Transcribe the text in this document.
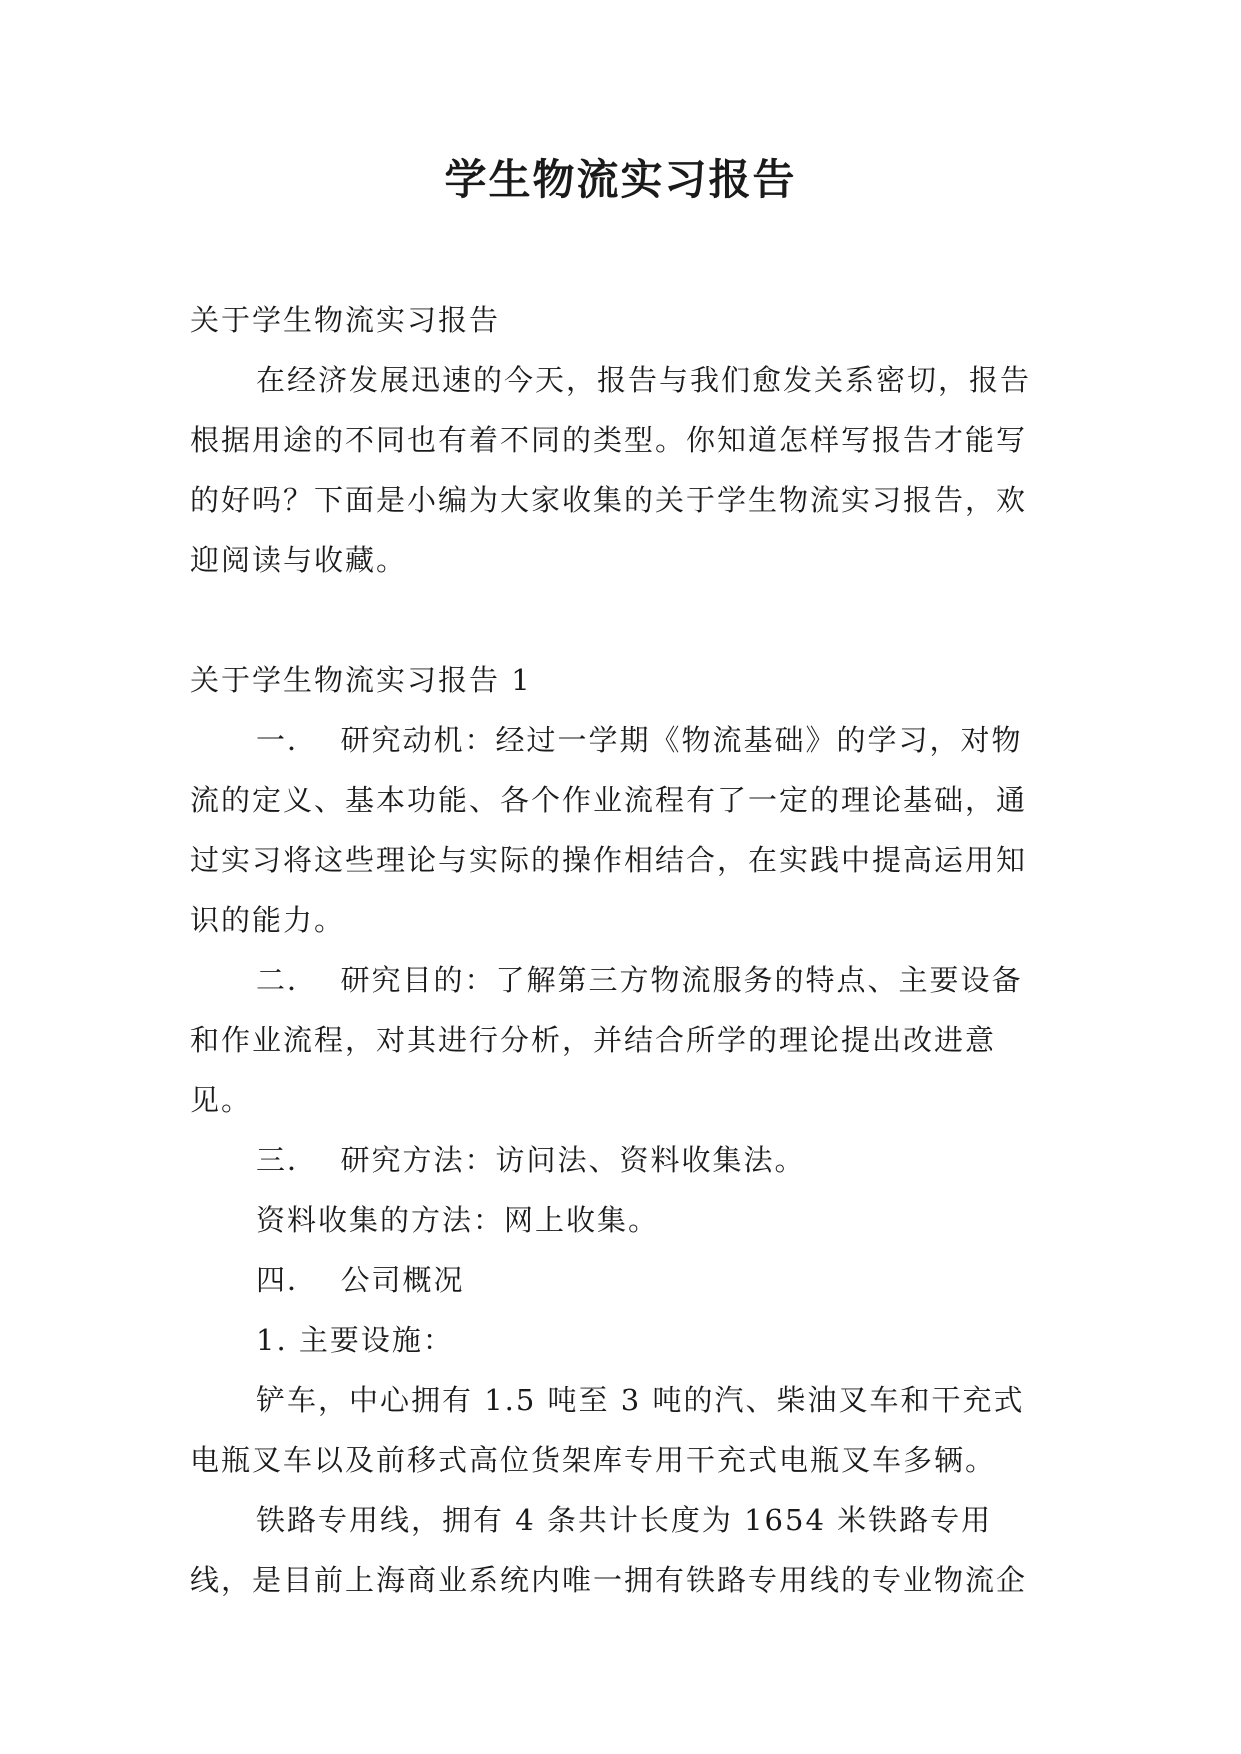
学生物流实习报告

关于学生物流实习报告

在经济发展迅速的今天，报告与我们愈发关系密切，报告根据用途的不同也有着不同的类型。你知道怎样写报告才能写的好吗？下面是小编为大家收集的关于学生物流实习报告，欢迎阅读与收藏。

关于学生物流实习报告 1

一． 研究动机：经过一学期《物流基础》的学习，对物流的定义、基本功能、各个作业流程有了一定的理论基础，通过实习将这些理论与实际的操作相结合，在实践中提高运用知识的能力。

二． 研究目的：了解第三方物流服务的特点、主要设备和作业流程，对其进行分析，并结合所学的理论提出改进意见。

三． 研究方法：访问法、资料收集法。

资料收集的方法：网上收集。

四． 公司概况

1. 主要设施：

铲车，中心拥有 1.5 吨至 3 吨的汽、柴油叉车和干充式电瓶叉车以及前移式高位货架库专用干充式电瓶叉车多辆。

铁路专用线，拥有 4 条共计长度为 1654 米铁路专用线，是目前上海商业系统内唯一拥有铁路专用线的专业物流企
